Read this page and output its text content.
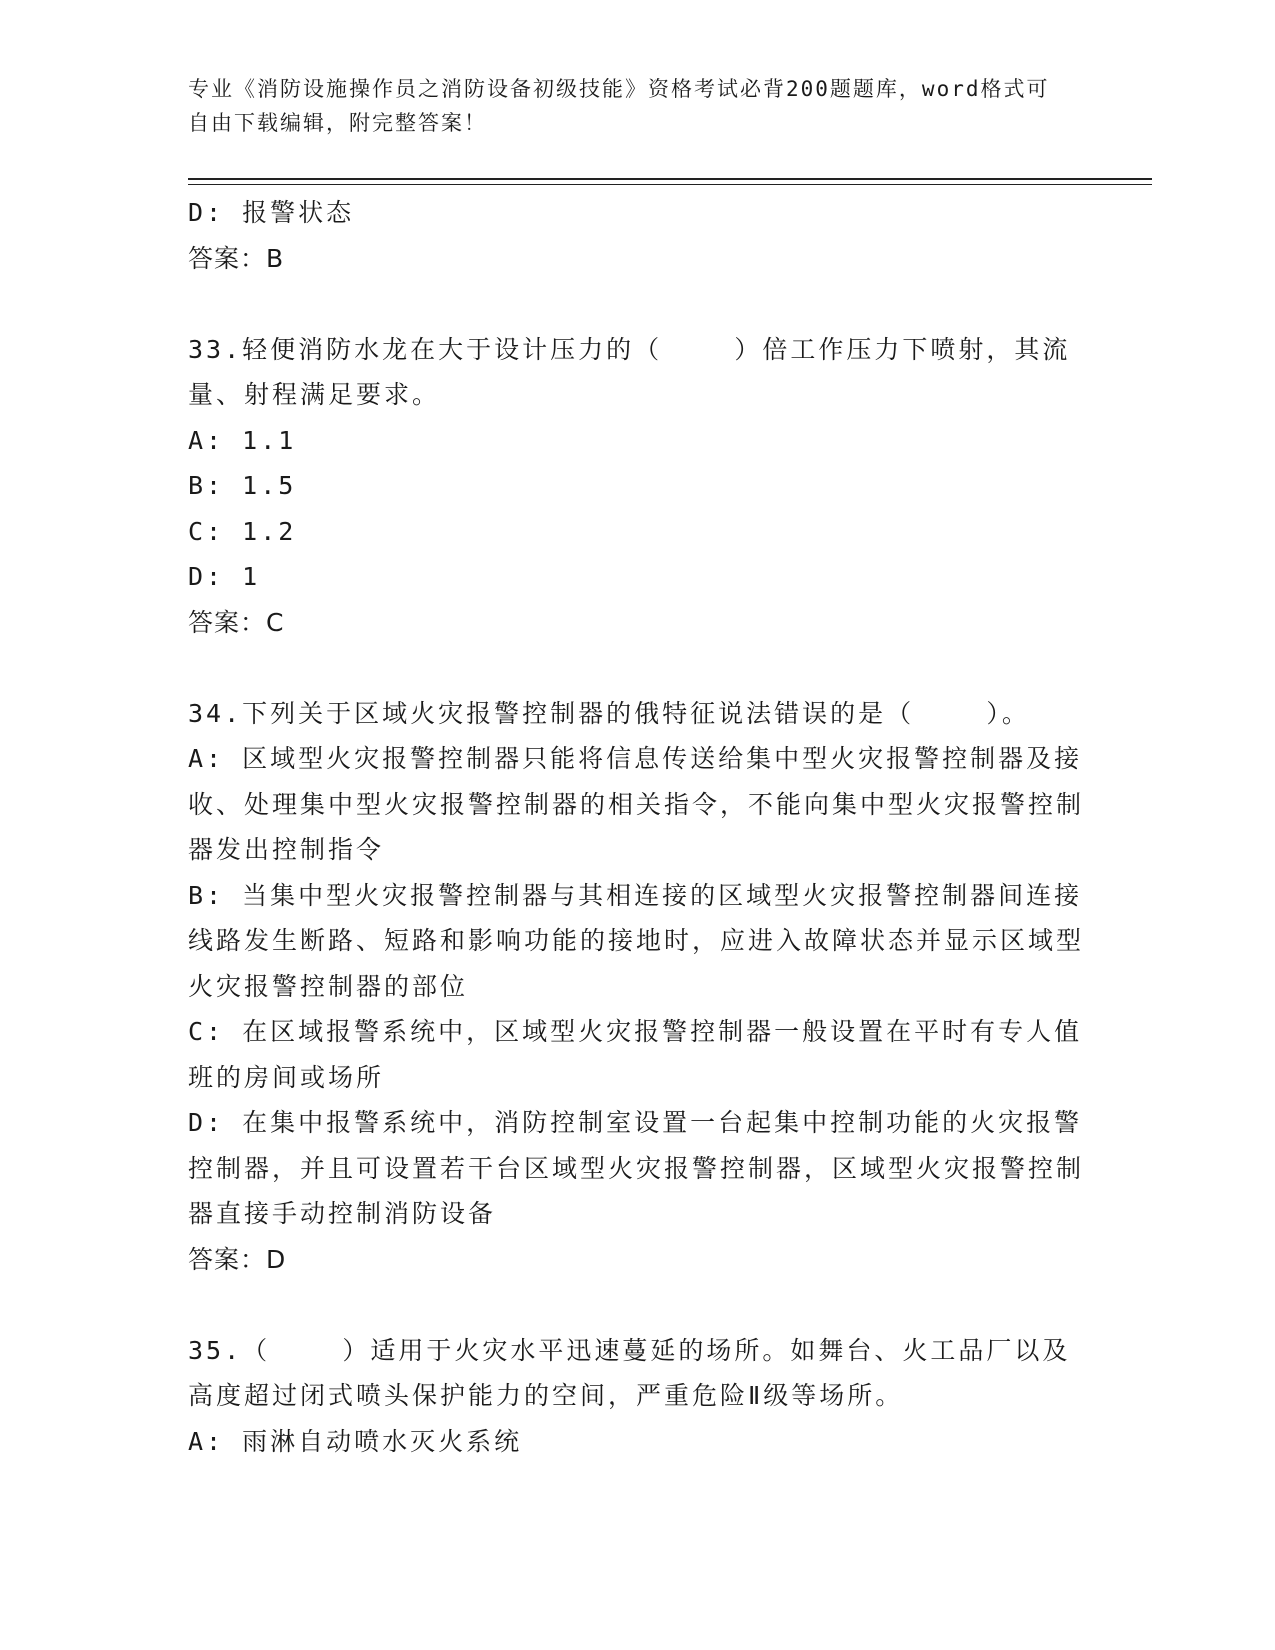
专业《消防设施操作员之消防设备初级技能》资格考试必背200题题库，word格式可自由下载编辑，附完整答案！
D: 报警状态
答案：B
33.轻便消防水龙在大于设计压力的（    ）倍工作压力下喷射，其流量、射程满足要求。
A: 1.1
B: 1.5
C: 1.2
D: 1
答案：C
34.下列关于区域火灾报警控制器的俄特征说法错误的是（    ）。
A: 区域型火灾报警控制器只能将信息传送给集中型火灾报警控制器及接收、处理集中型火灾报警控制器的相关指令，不能向集中型火灾报警控制器发出控制指令
B: 当集中型火灾报警控制器与其相连接的区域型火灾报警控制器间连接线路发生断路、短路和影响功能的接地时，应进入故障状态并显示区域型火灾报警控制器的部位
C: 在区域报警系统中，区域型火灾报警控制器一般设置在平时有专人值班的房间或场所
D: 在集中报警系统中，消防控制室设置一台起集中控制功能的火灾报警控制器，并且可设置若干台区域型火灾报警控制器，区域型火灾报警控制器直接手动控制消防设备
答案：D
35.（    ）适用于火灾水平迅速蔓延的场所。如舞台、火工品厂以及高度超过闭式喷头保护能力的空间，严重危险Ⅱ级等场所。
A: 雨淋自动喷水灭火系统
